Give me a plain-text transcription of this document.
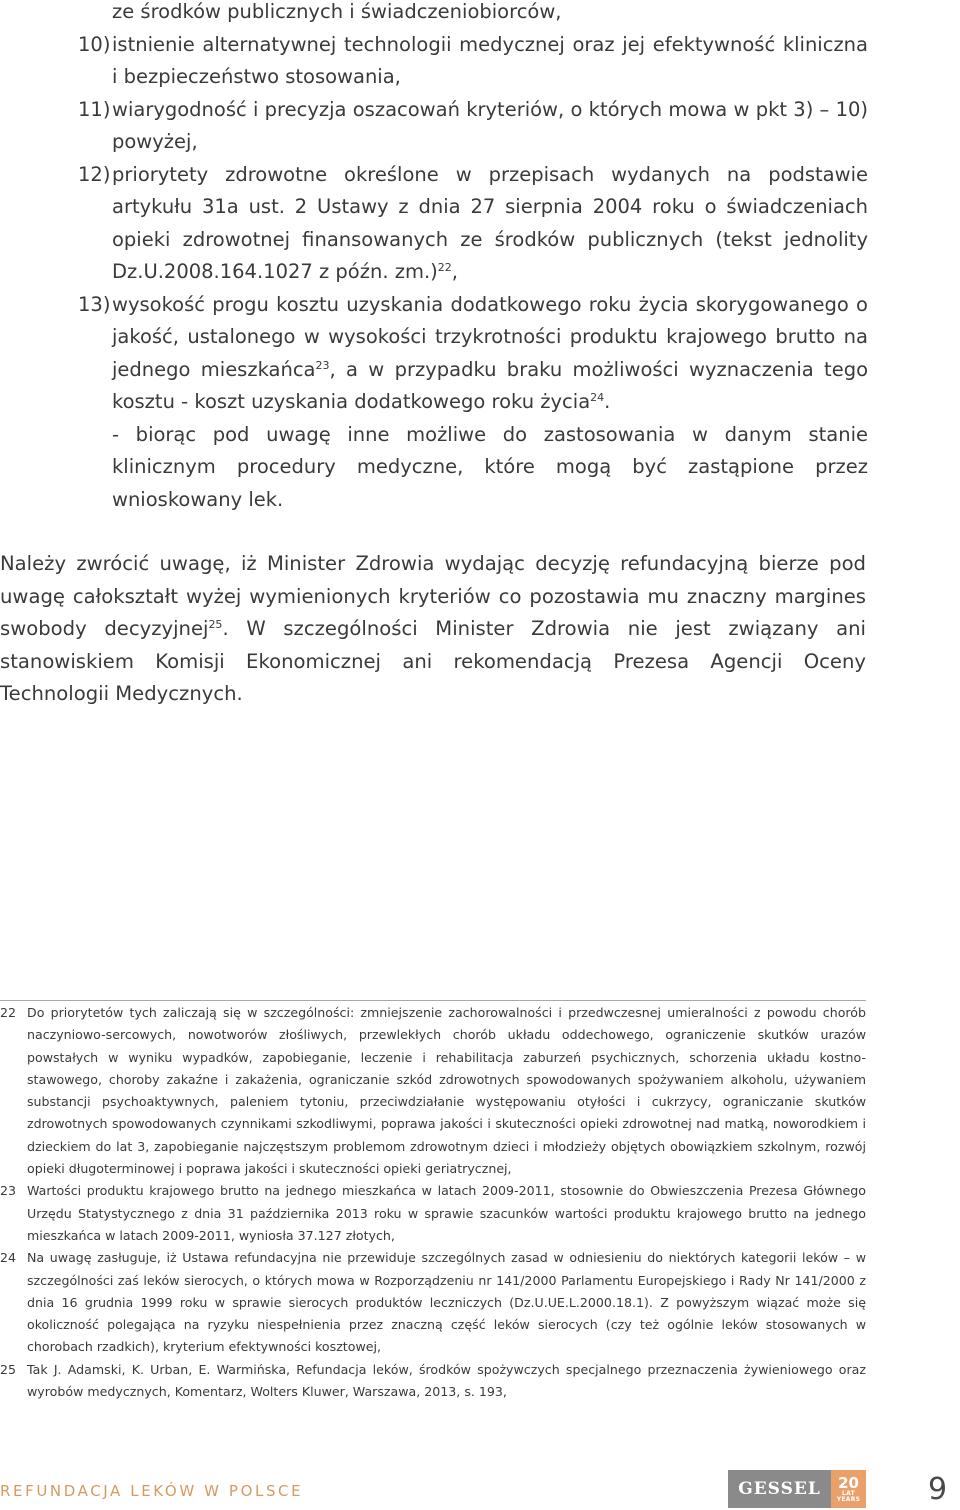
ze środków publicznych i świadczeniobiorców,
10) istnienie alternatywnej technologii medycznej oraz jej efektywność kliniczna i bezpieczeństwo stosowania,
11) wiarygodność i precyzja oszacowań kryteriów, o których mowa w pkt 3) – 10) powyżej,
12) priorytety zdrowotne określone w przepisach wydanych na podstawie artykułu 31a ust. 2 Ustawy z dnia 27 sierpnia 2004 roku o świadczeniach opieki zdrowotnej finansowanych ze środków publicznych (tekst jednolity Dz.U.2008.164.1027 z późn. zm.)$^{22}$,
13) wysokość progu kosztu uzyskania dodatkowego roku życia skorygowanego o jakość, ustalonego w wysokości trzykrotności produktu krajowego brutto na jednego mieszkańca$^{23}$, a w przypadku braku możliwości wyznaczenia tego kosztu - koszt uzyskania dodatkowego roku życia$^{24}$.
- biorąc pod uwagę inne możliwe do zastosowania w danym stanie klinicznym procedury medyczne, które mogą być zastąpione przez wnioskowany lek.

Należy zwrócić uwagę, iż Minister Zdrowia wydając decyzję refundacyjną bierze pod uwagę całokształt wyżej wymienionych kryteriów co pozostawia mu znaczny margines swobody decyzyjnej$^{25}$. W szczególności Minister Zdrowia nie jest związany ani stanowiskiem Komisji Ekonomicznej ani rekomendacją Prezesa Agencji Oceny Technologii Medycznych.

22 Do priorytetów tych zaliczają się w szczególności: zmniejszenie zachorowalności i przedwczesnej umieralności z powodu chorób naczyniowo-sercowych, nowotworów złośliwych, przewlekłych chorób układu oddechowego, ograniczenie skutków urazów powstałych w wyniku wypadków, zapobieganie, leczenie i rehabilitacja zaburzeń psychicznych, schorzenia układu kostno-stawowego, choroby zakaźne i zakażenia, ograniczanie szkód zdrowotnych spowodowanych spożywaniem alkoholu, używaniem substancji psychoaktywnych, paleniem tytoniu, przeciwdziałanie występowaniu otyłości i cukrzycy, ograniczanie skutków zdrowotnych spowodowanych czynnikami szkodliwymi, poprawa jakości i skuteczności opieki zdrowotnej nad matką, noworodkiem i dzieckiem do lat 3, zapobieganie najczęstszym problemom zdrowotnym dzieci i młodzieży objętych obowiązkiem szkolnym, rozwój opieki długoterminowej i poprawa jakości i skuteczności opieki geriatrycznej,
23 Wartości produktu krajowego brutto na jednego mieszkańca w latach 2009-2011, stosownie do Obwieszczenia Prezesa Głównego Urzędu Statystycznego z dnia 31 października 2013 roku w sprawie szacunków wartości produktu krajowego brutto na jednego mieszkańca w latach 2009-2011, wyniosła 37.127 złotych,
24 Na uwagę zasługuje, iż Ustawa refundacyjna nie przewiduje szczególnych zasad w odniesieniu do niektórych kategorii leków – w szczególności zaś leków sierocych, o których mowa w Rozporządzeniu nr 141/2000 Parlamentu Europejskiego i Rady Nr 141/2000 z dnia 16 grudnia 1999 roku w sprawie sierocych produktów leczniczych (Dz.U.UE.L.2000.18.1). Z powyższym wiązać może się okoliczność polegająca na ryzyku niespełnienia przez znaczną część leków sierocych (czy też ogólnie leków stosowanych w chorobach rzadkich), kryterium efektywności kosztowej,
25 Tak J. Adamski, K. Urban, E. Warmińska, Refundacja leków, środków spożywczych specjalnego przeznaczenia żywieniowego oraz wyrobów medycznych, Komentarz, Wolters Kluwer, Warszawa, 2013, s. 193,
REFUNDACJA LEKÓW W POLSCE	GESSEL	20
LAT
YEARS 9
